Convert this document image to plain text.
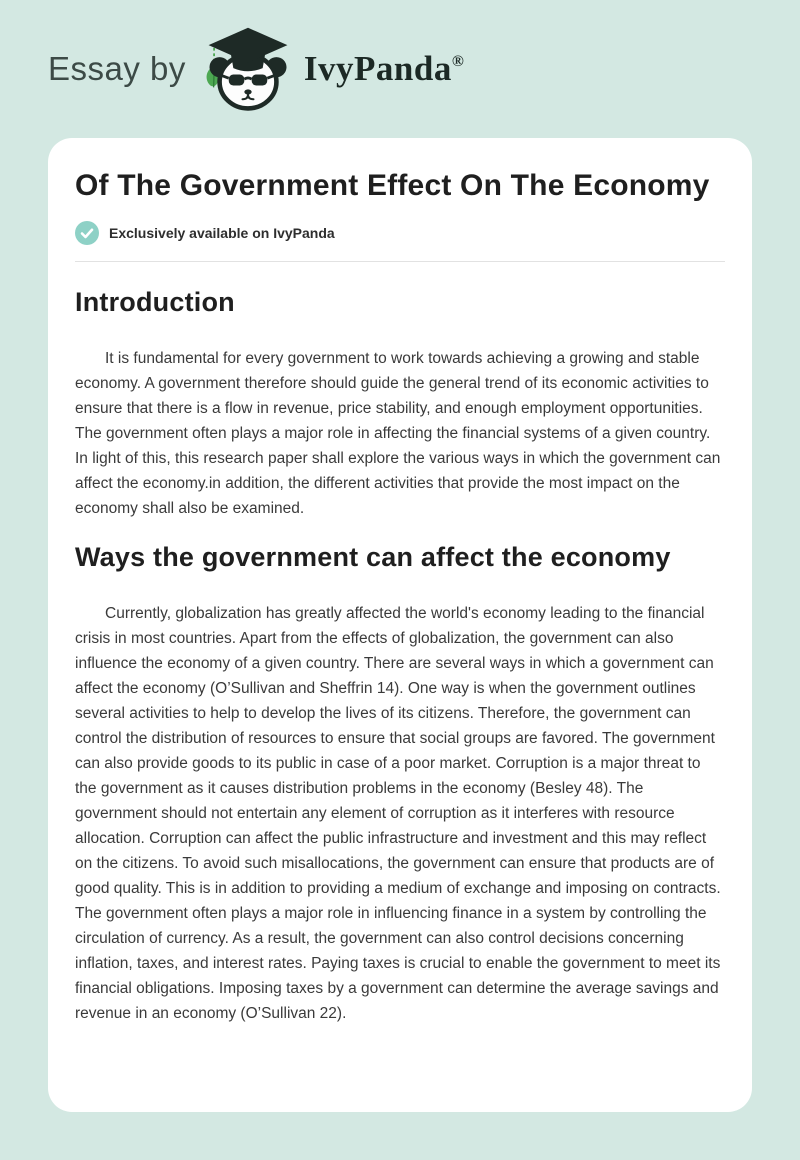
Essay by	IvyPanda®
Of The Government Effect On The Economy
Exclusively available on IvyPanda
Introduction

It is fundamental for every government to work towards achieving a growing and stable economy. A government therefore should guide the general trend of its economic activities to ensure that there is a flow in revenue, price stability, and enough employment opportunities. The government often plays a major role in affecting the financial systems of a given country. In light of this, this research paper shall explore the various ways in which the government can affect the economy.in addition, the different activities that provide the most impact on the economy shall also be examined.

Ways the government can affect the economy

Currently, globalization has greatly affected the world's economy leading to the financial crisis in most countries. Apart from the effects of globalization, the government can also influence the economy of a given country. There are several ways in which a government can affect the economy (O’Sullivan and Sheffrin 14). One way is when the government outlines several activities to help to develop the lives of its citizens. Therefore, the government can control the distribution of resources to ensure that social groups are favored. The government can also provide goods to its public in case of a poor market. Corruption is a major threat to the government as it causes distribution problems in the economy (Besley 48). The government should not entertain any element of corruption as it interferes with resource allocation. Corruption can affect the public infrastructure and investment and this may reflect on the citizens. To avoid such misallocations, the government can ensure that products are of good quality. This is in addition to providing a medium of exchange and imposing on contracts. The government often plays a major role in influencing finance in a system by controlling the circulation of currency. As a result, the government can also control decisions concerning inflation, taxes, and interest rates. Paying taxes is crucial to enable the government to meet its financial obligations. Imposing taxes by a government can determine the average savings and revenue in an economy (O’Sullivan 22).
